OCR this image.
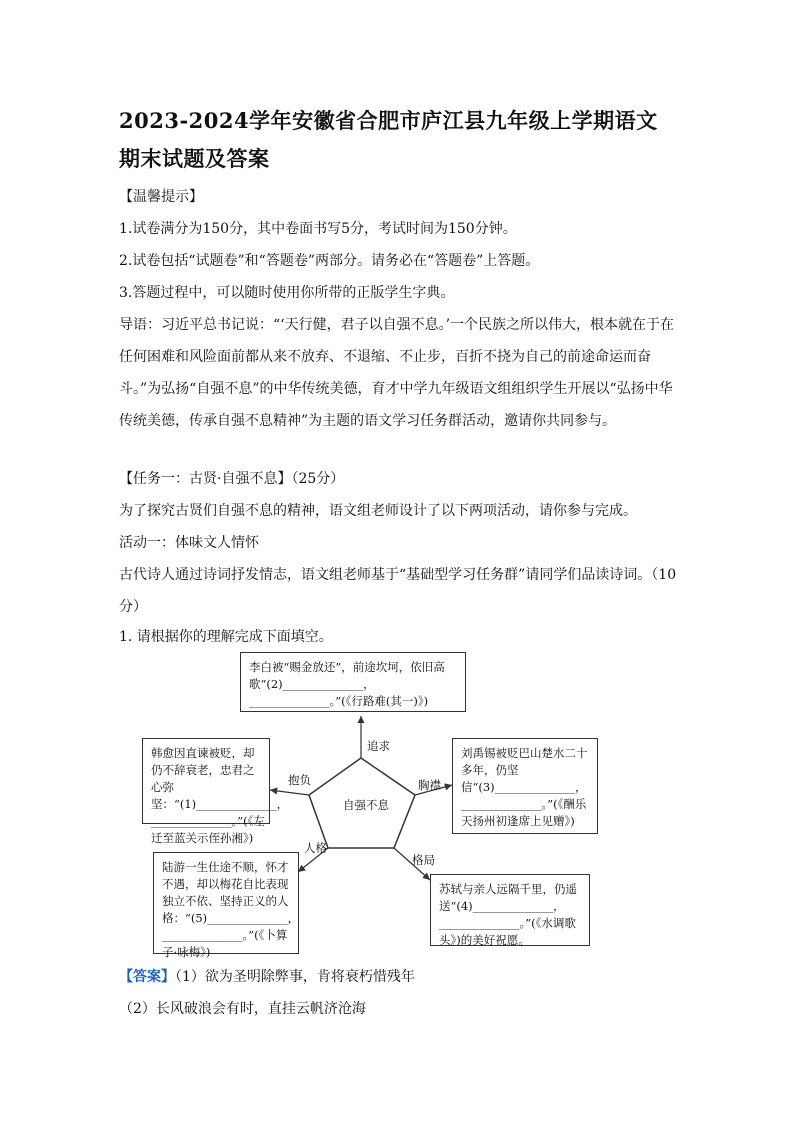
2023-2024学年安徽省合肥市庐江县九年级上学期语文期末试题及答案
【温馨提示】
1.试卷满分为150分，其中卷面书写5分，考试时间为150分钟。
2.试卷包括“试题卷”和“答题卷”两部分。请务必在“答题卷”上答题。
3.答题过程中，可以随时使用你所带的正版学生字典。
导语：习近平总书记说：“‘天行健，君子以自强不息。’一个民族之所以伟大，根本就在于在任何困难和风险面前都从来不放弃、不退缩、不止步，百折不挠为自己的前途命运而奋斗。”为弘扬“自强不息”的中华传统美德，育才中学九年级语文组组织学生开展以“弘扬中华传统美德，传承自强不息精神”为主题的语文学习任务群活动，邀请你共同参与。
【任务一：古贤·自强不息】（25分）
为了探究古贤们自强不息的精神，语文组老师设计了以下两项活动，请你参与完成。
活动一：体味文人情怀
古代诗人通过诗词抒发情志，语文组老师基于“基础型学习任务群”请同学们品读诗词。（10分）
1. 请根据你的理解完成下面填空。
自强不息
追求
胸襟
抱负
人格
格局
李白被“赐金放还”，前途坎坷，依旧高歌“(2)______________，______________。”(《行路难(其一)》)
韩愈因直谏被贬，却仍不辞衰老，忠君之心弥坚：“(1)______________，______________。”(《左迁至蓝关示侄孙湘》)
刘禹锡被贬巴山楚水二十多年，仍坚信“(3)______________，______________。”(《酬乐天扬州初逢席上见赠》)
陆游一生仕途不顺，怀才不遇，却以梅花自比表现独立不依、坚持正义的人格：“(5)______________，______________。”(《卜算子·咏梅》)
苏轼与亲人远隔千里，仍遥送“(4)______________，______________。”(《水调歌头》)的美好祝愿。
【答案】（1）欲为圣明除弊事，肯将衰朽惜残年
（2）长风破浪会有时，直挂云帆济沧海
